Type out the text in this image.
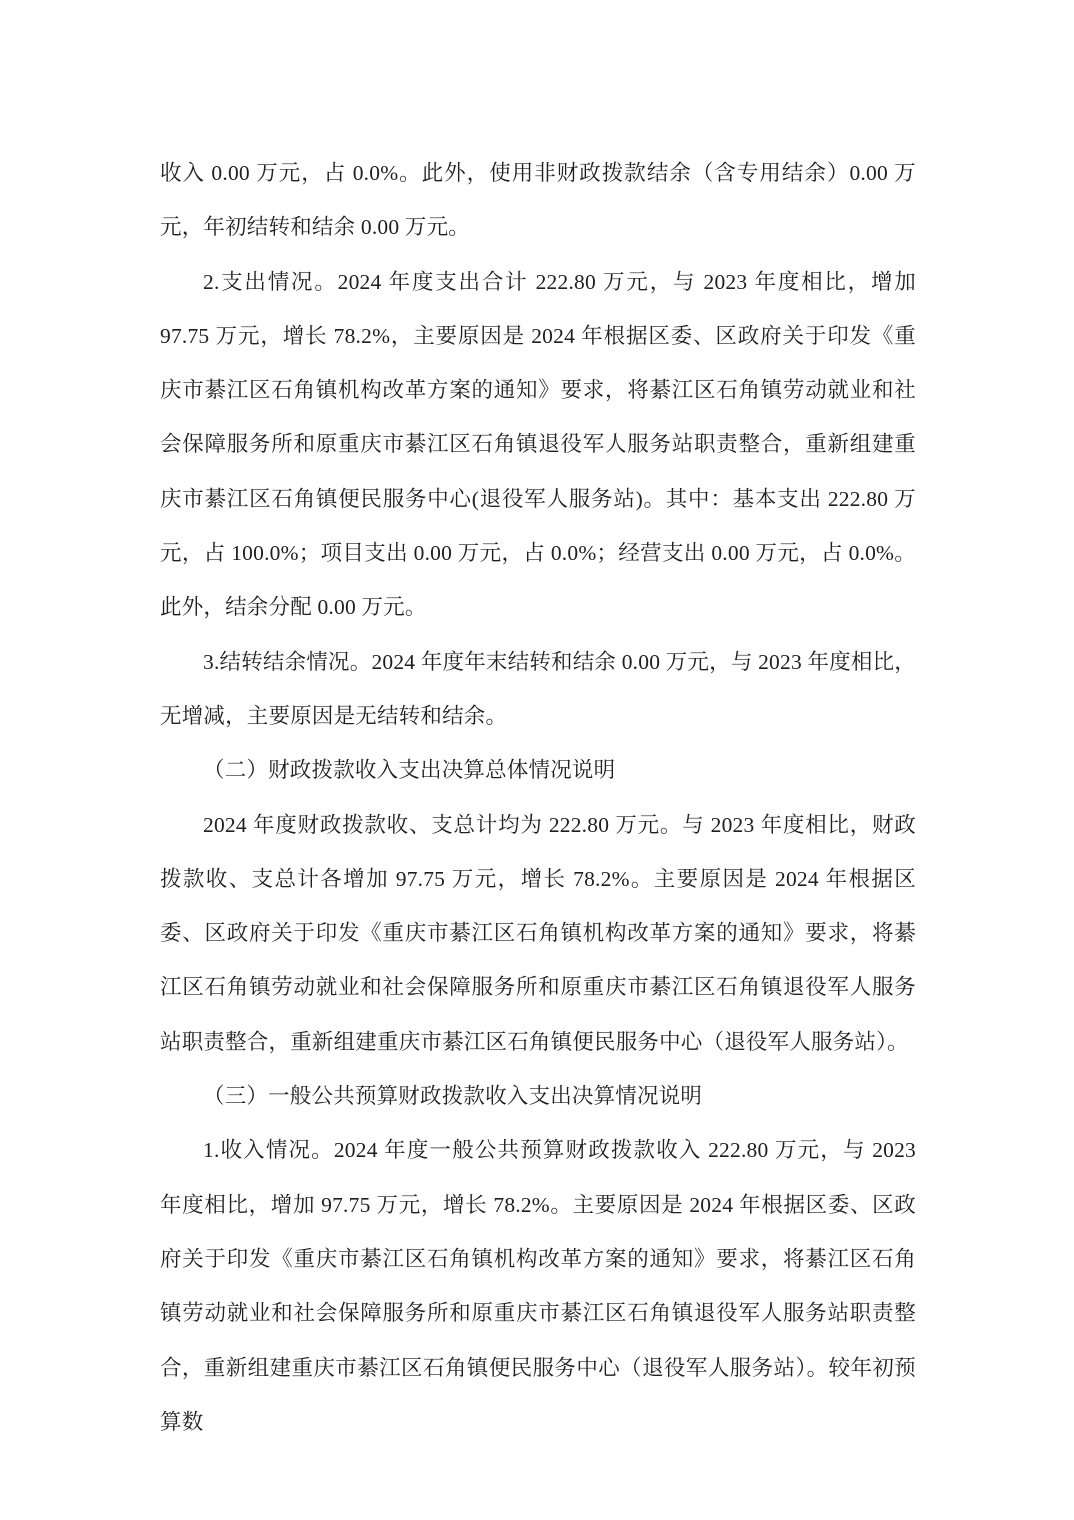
收入 0.00 万元，占 0.0%。此外，使用非财政拨款结余（含专用结余）0.00 万元，年初结转和结余 0.00 万元。

2.支出情况。2024 年度支出合计 222.80 万元，与 2023 年度相比，增加 97.75 万元，增长 78.2%，主要原因是 2024 年根据区委、区政府关于印发《重庆市綦江区石角镇机构改革方案的通知》要求，将綦江区石角镇劳动就业和社会保障服务所和原重庆市綦江区石角镇退役军人服务站职责整合，重新组建重庆市綦江区石角镇便民服务中心(退役军人服务站)。其中：基本支出 222.80 万元，占 100.0%；项目支出 0.00 万元，占 0.0%；经营支出 0.00 万元，占 0.0%。此外，结余分配 0.00 万元。

3.结转结余情况。2024 年度年末结转和结余 0.00 万元，与 2023 年度相比，无增减，主要原因是无结转和结余。

（二）财政拨款收入支出决算总体情况说明

2024 年度财政拨款收、支总计均为 222.80 万元。与 2023 年度相比，财政拨款收、支总计各增加 97.75 万元，增长 78.2%。主要原因是 2024 年根据区委、区政府关于印发《重庆市綦江区石角镇机构改革方案的通知》要求，将綦江区石角镇劳动就业和社会保障服务所和原重庆市綦江区石角镇退役军人服务站职责整合，重新组建重庆市綦江区石角镇便民服务中心（退役军人服务站）。

（三）一般公共预算财政拨款收入支出决算情况说明

1.收入情况。2024 年度一般公共预算财政拨款收入 222.80 万元，与 2023 年度相比，增加 97.75 万元，增长 78.2%。主要原因是 2024 年根据区委、区政府关于印发《重庆市綦江区石角镇机构改革方案的通知》要求，将綦江区石角镇劳动就业和社会保障服务所和原重庆市綦江区石角镇退役军人服务站职责整合，重新组建重庆市綦江区石角镇便民服务中心（退役军人服务站）。较年初预算数
